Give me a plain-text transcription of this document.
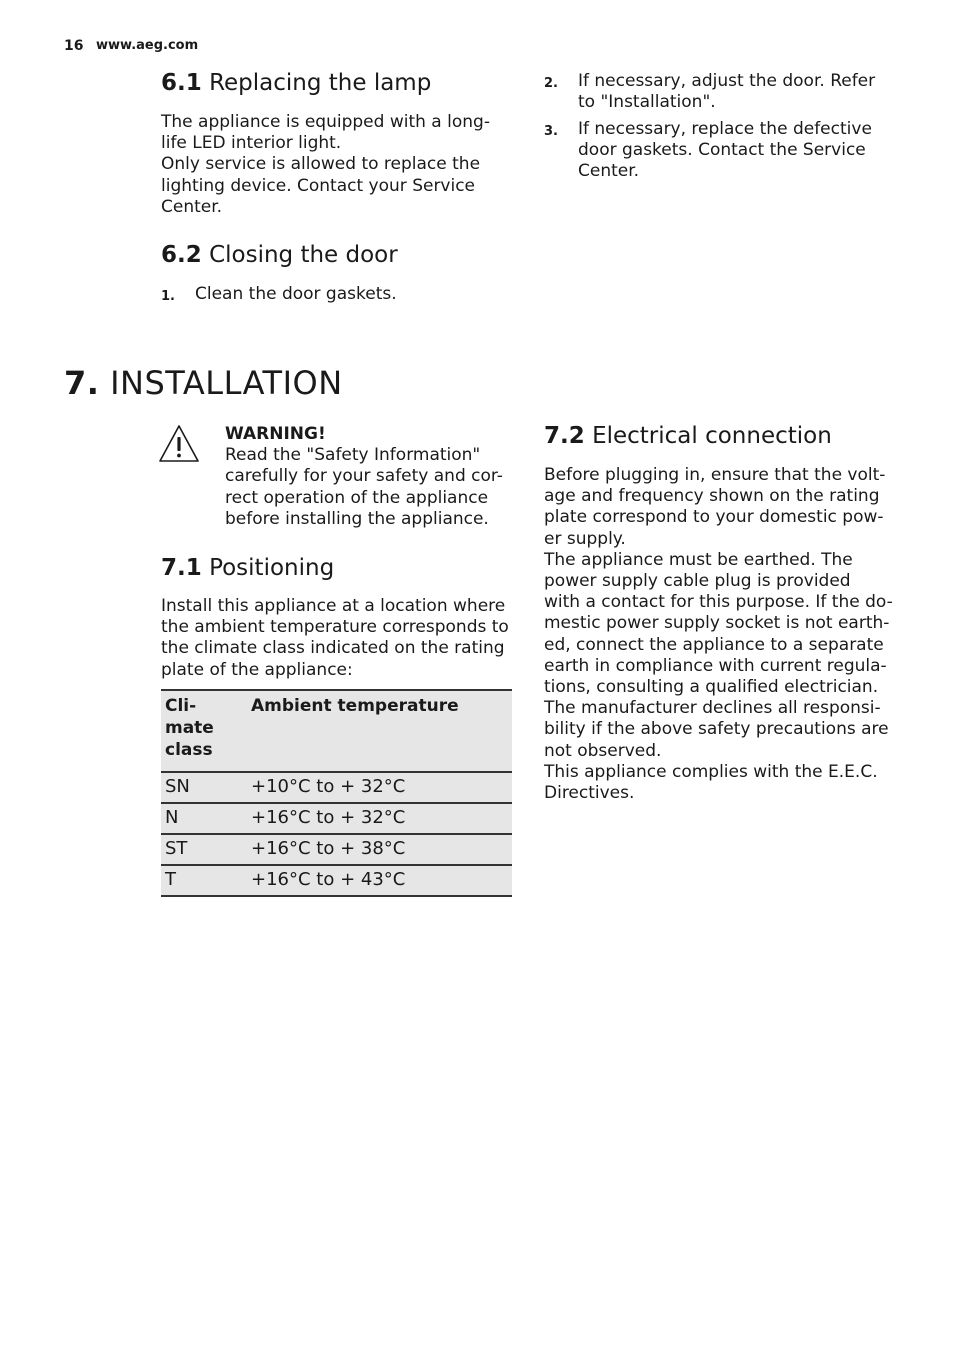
16 www.aeg.com
6.1 Replacing the lamp
The appliance is equipped with a long-
life LED interior light.
Only service is allowed to replace the
lighting device. Contact your Service
Center.
6.2 Closing the door
1. Clean the door gaskets.
2. If necessary, adjust the door. Refer
to "Installation".
3. If necessary, replace the defective
door gaskets. Contact the Service
Center.
7. INSTALLATION
WARNING!
Read the "Safety Information"
carefully for your safety and cor-
rect operation of the appliance
before installing the appliance.
7.1 Positioning
Install this appliance at a location where
the ambient temperature corresponds to
the climate class indicated on the rating
plate of the appliance:
Cli- mate class	Ambient temperature
SN	+10°C to + 32°C
N	+16°C to + 32°C
ST	+16°C to + 38°C
T	+16°C to + 43°C
7.2 Electrical connection
Before plugging in, ensure that the volt-
age and frequency shown on the rating
plate correspond to your domestic pow-
er supply.
The appliance must be earthed. The
power supply cable plug is provided
with a contact for this purpose. If the do-
mestic power supply socket is not earth-
ed, connect the appliance to a separate
earth in compliance with current regula-
tions, consulting a qualified electrician.
The manufacturer declines all responsi-
bility if the above safety precautions are
not observed.
This appliance complies with the E.E.C.
Directives.
